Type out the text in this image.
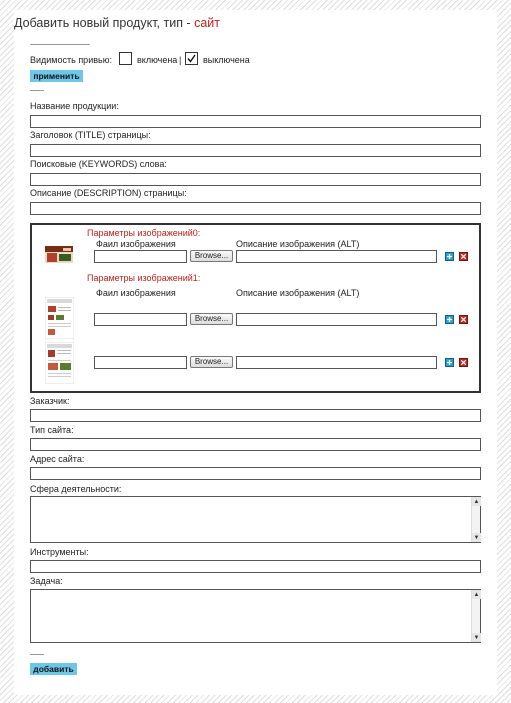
Добавить новый продукт, тип - сайт
Видимость привью:	включена | выключена
применить
Название продукции:
Заголовок (TITLE) страницы:
Поисковые (KEYWORDS) слова:
Описание (DESCRIPTION) страницы:
Параметры изображений0:
Фаил изображения	Описание изображения (ALT)
Browse...
Параметры изображений1:
Фаил изображения	Описание изображения (ALT)
Browse...
Browse...
Заказчик:
Тип сайта:
Адрес сайта:
Сфера деятельности:
▲
▼
Инструменты:
Задача:
▲
▼
добавить
